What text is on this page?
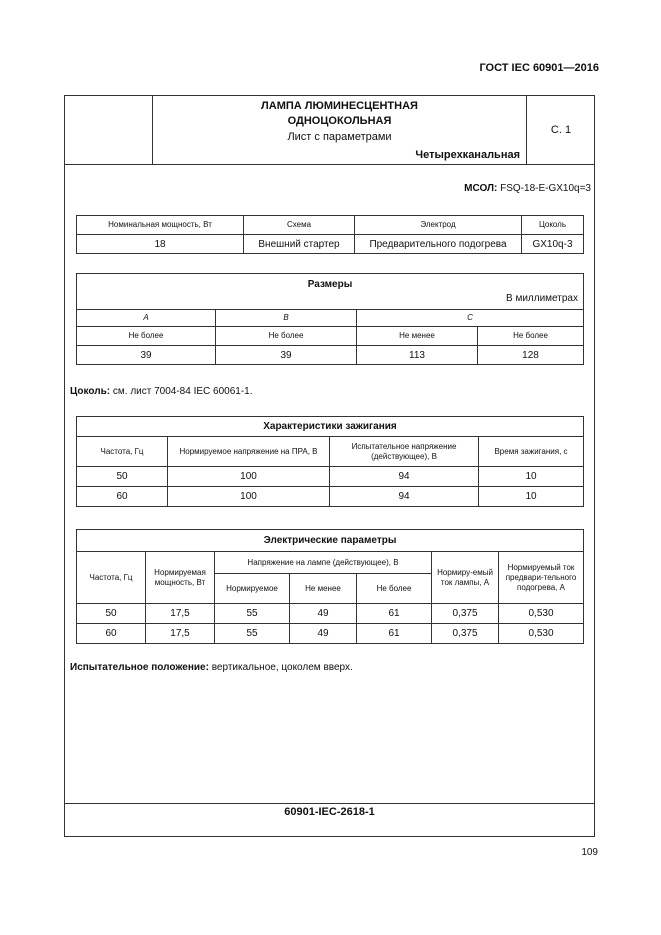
ГОСТ IEC 60901—2016
ЛАМПА ЛЮМИНЕСЦЕНТНАЯ
ОДНОЦОКОЛЬНАЯ
Лист с параметрами
Четырехканальная
С. 1
МСОЛ: FSQ-18-E-GX10q=3
Номинальная мощность, Вт	Схема	Электрод	Цоколь
18	Внешний стартер	Предварительного подогрева	GX10q-3
Размеры
В миллиметрах			

A	B	C	
Не более	Не более	Не менее	Не более
39	39	113	128
Цоколь: см. лист 7004-84 IEC 60061-1.
Характеристики зажигания			
Частота, Гц	Нормируемое напряжение на ПРА, В	Испытательное напряжение (действующее), В	Время зажигания, с
50	100	94	10
60	100	94	10
Электрические параметры						
Частота, Гц	Нормируемая мощность, Вт	Напряжение на лампе (действующее), В			Нормиру-емый ток лампы, А	Нормируемый ток предвари-тельного подогрева, А
		Нормируемое	Не менее	Не более		
50	17,5	55	49	61	0,375	0,530
60	17,5	55	49	61	0,375	0,530
Испытательное положение: вертикальное, цоколем вверх.
60901-IEC-2618-1
109
